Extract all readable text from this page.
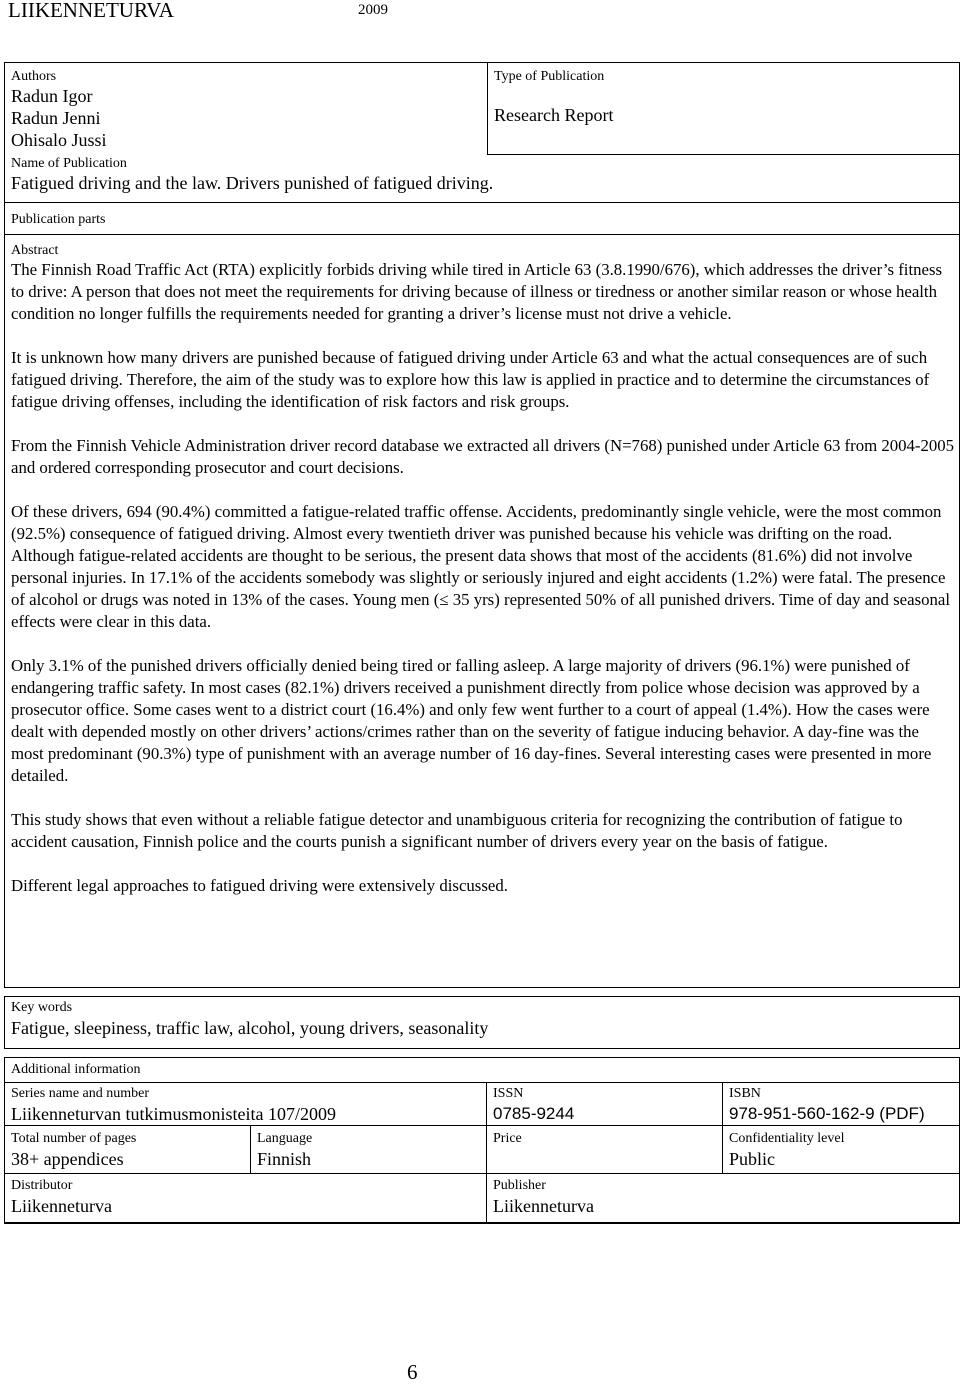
LIIKENNETURVA	2009
Authors
Radun Igor
Radun Jenni
Ohisalo Jussi
Type of Publication
Research Report
Name of Publication
Fatigued driving and the law. Drivers punished of fatigued driving.
Publication parts
Abstract

The Finnish Road Traffic Act (RTA) explicitly forbids driving while tired in Article 63 (3.8.1990/676), which addresses the driver’s fitness to drive: A person that does not meet the requirements for driving because of illness or tiredness or another similar reason or whose health condition no longer fulfills the requirements needed for granting a driver’s license must not drive a vehicle.

It is unknown how many drivers are punished because of fatigued driving under Article 63 and what the actual consequences are of such fatigued driving. Therefore, the aim of the study was to explore how this law is applied in practice and to determine the circumstances of fatigue driving offenses, including the identification of risk factors and risk groups.

From the Finnish Vehicle Administration driver record database we extracted all drivers (N=768) punished under Article 63 from 2004-2005 and ordered corresponding prosecutor and court decisions.

Of these drivers, 694 (90.4%) committed a fatigue-related traffic offense. Accidents, predominantly single vehicle, were the most common (92.5%) consequence of fatigued driving. Almost every twentieth driver was punished because his vehicle was drifting on the road. Although fatigue-related accidents are thought to be serious, the present data shows that most of the accidents (81.6%) did not involve personal injuries. In 17.1% of the accidents somebody was slightly or seriously injured and eight accidents (1.2%) were fatal. The presence of alcohol or drugs was noted in 13% of the cases. Young men (≤ 35 yrs) represented 50% of all punished drivers. Time of day and seasonal effects were clear in this data.

Only 3.1% of the punished drivers officially denied being tired or falling asleep. A large majority of drivers (96.1%) were punished of endangering traffic safety. In most cases (82.1%) drivers received a punishment directly from police whose decision was approved by a prosecutor office. Some cases went to a district court (16.4%) and only few went further to a court of appeal (1.4%). How the cases were dealt with depended mostly on other drivers’ actions/crimes rather than on the severity of fatigue inducing behavior. A day-fine was the most predominant (90.3%) type of punishment with an average number of 16 day-fines. Several interesting cases were presented in more detailed.

This study shows that even without a reliable fatigue detector and unambiguous criteria for recognizing the contribution of fatigue to accident causation, Finnish police and the courts punish a significant number of drivers every year on the basis of fatigue.

Different legal approaches to fatigued driving were extensively discussed.

Key words
Fatigue, sleepiness, traffic law, alcohol, young drivers, seasonality
Additional information
Series name and number
Liikenneturvan tutkimusmonisteita 107/2009
ISSN
0785-9244
ISBN
978-951-560-162-9 (PDF)
Total number of pages
38+ appendices
Language
Finnish
Price	Confidentiality level
Public
Distributor
Liikenneturva
Publisher
Liikenneturva
6
